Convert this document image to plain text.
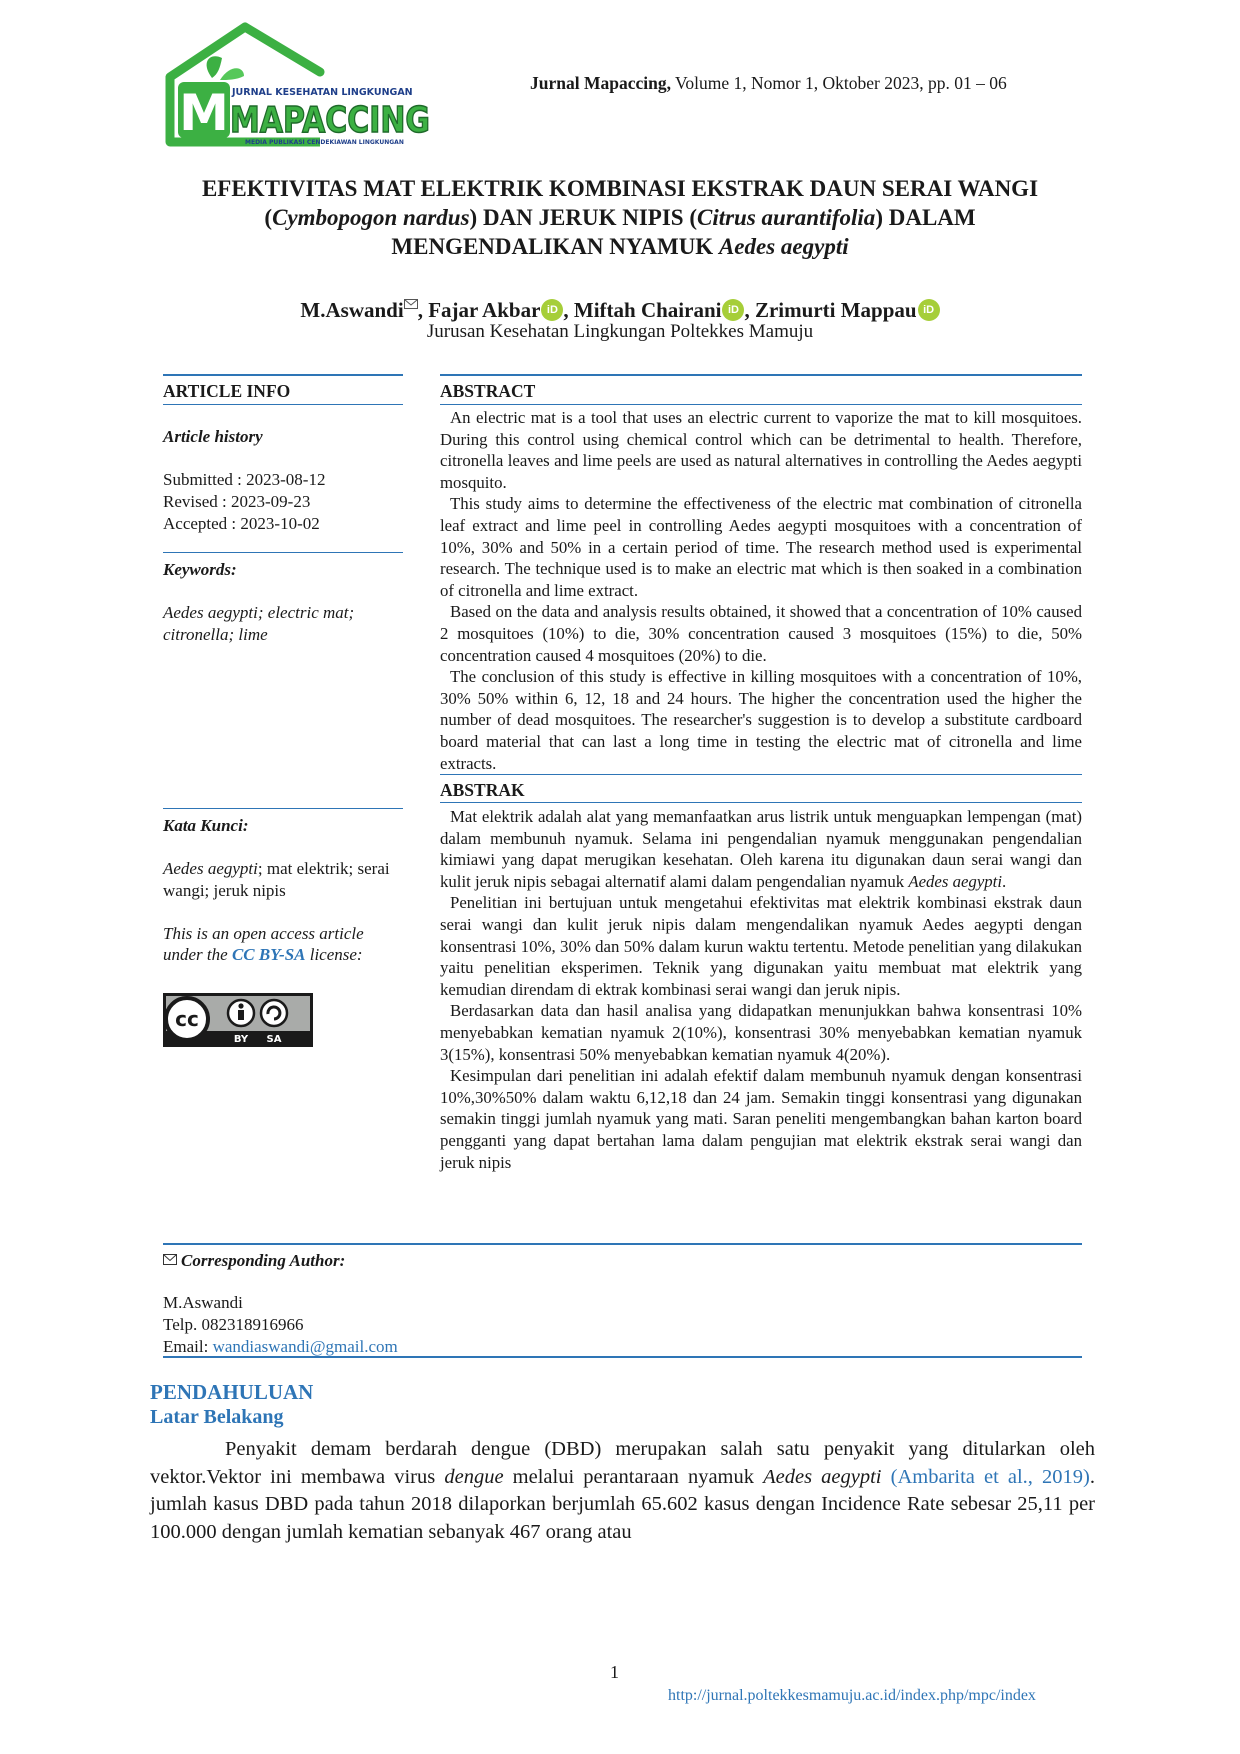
M JURNAL KESEHATAN LINGKUNGAN
MAPACCING
MEDIA PUBLIKASI CENDEKIAWAN LINGKUNGAN
Jurnal Mapaccing, Volume 1, Nomor 1, Oktober 2023, pp. 01 – 06
EFEKTIVITAS MAT ELEKTRIK KOMBINASI EKSTRAK DAUN SERAI WANGI
(Cymbopogon nardus) DAN JERUK NIPIS (Citrus aurantifolia) DALAM
MENGENDALIKAN NYAMUK Aedes aegypti
M.Aswandi , Fajar Akbar iD , Miftah Chairani iD , Zrimurti Mappau iD
Jurusan Kesehatan Lingkungan Poltekkes Mamuju
ARTICLE INFO
Article history
Submitted : 2023-08-12
Revised : 2023-09-23
Accepted : 2023-10-02
Keywords:
Aedes aegypti; electric mat; citronella; lime
Kata Kunci:
Aedes aegypti; mat elektrik; serai wangi; jeruk nipis
This is an open access article under the CC BY-SA license:
cc
BY SA
ABSTRACT

An electric mat is a tool that uses an electric current to vaporize the mat to kill mosquitoes. During this control using chemical control which can be detrimental to health. Therefore, citronella leaves and lime peels are used as natural alternatives in controlling the Aedes aegypti mosquito.

This study aims to determine the effectiveness of the electric mat combination of citronella leaf extract and lime peel in controlling Aedes aegypti mosquitoes with a concentration of 10%, 30% and 50% in a certain period of time. The research method used is experimental research. The technique used is to make an electric mat which is then soaked in a combination of citronella and lime extract.

Based on the data and analysis results obtained, it showed that a concentration of 10% caused 2 mosquitoes (10%) to die, 30% concentration caused 3 mosquitoes (15%) to die, 50% concentration caused 4 mosquitoes (20%) to die.

The conclusion of this study is effective in killing mosquitoes with a concentration of 10%, 30% 50% within 6, 12, 18 and 24 hours. The higher the concentration used the higher the number of dead mosquitoes. The researcher's suggestion is to develop a substitute cardboard board material that can last a long time in testing the electric mat of citronella and lime extracts.

ABSTRAK

Mat elektrik adalah alat yang memanfaatkan arus listrik untuk menguapkan lempengan (mat) dalam membunuh nyamuk. Selama ini pengendalian nyamuk menggunakan pengendalian kimiawi yang dapat merugikan kesehatan. Oleh karena itu digunakan daun serai wangi dan kulit jeruk nipis sebagai alternatif alami dalam pengendalian nyamuk Aedes aegypti.

Penelitian ini bertujuan untuk mengetahui efektivitas mat elektrik kombinasi ekstrak daun serai wangi dan kulit jeruk nipis dalam mengendalikan nyamuk Aedes aegypti dengan konsentrasi 10%, 30% dan 50% dalam kurun waktu tertentu. Metode penelitian yang dilakukan yaitu penelitian eksperimen. Teknik yang digunakan yaitu membuat mat elektrik yang kemudian direndam di ektrak kombinasi serai wangi dan jeruk nipis.

Berdasarkan data dan hasil analisa yang didapatkan menunjukkan bahwa konsentrasi 10% menyebabkan kematian nyamuk 2(10%), konsentrasi 30% menyebabkan kematian nyamuk 3(15%), konsentrasi 50% menyebabkan kematian nyamuk 4(20%).

Kesimpulan dari penelitian ini adalah efektif dalam membunuh nyamuk dengan konsentrasi 10%,30%50% dalam waktu 6,12,18 dan 24 jam. Semakin tinggi konsentrasi yang digunakan semakin tinggi jumlah nyamuk yang mati. Saran peneliti mengembangkan bahan karton board pengganti yang dapat bertahan lama dalam pengujian mat elektrik ekstrak serai wangi dan jeruk nipis

Corresponding Author:
M.Aswandi
Telp. 082318916966
Email: wandiaswandi@gmail.com
PENDAHULUAN
Latar Belakang

Penyakit demam berdarah dengue (DBD) merupakan salah satu penyakit yang ditularkan oleh vektor.Vektor ini membawa virus dengue melalui perantaraan nyamuk Aedes aegypti (Ambarita et al., 2019). jumlah kasus DBD pada tahun 2018 dilaporkan berjumlah 65.602 kasus dengan Incidence Rate sebesar 25,11 per 100.000 dengan jumlah kematian sebanyak 467 orang atau

1
http://jurnal.poltekkesmamuju.ac.id/index.php/mpc/index
